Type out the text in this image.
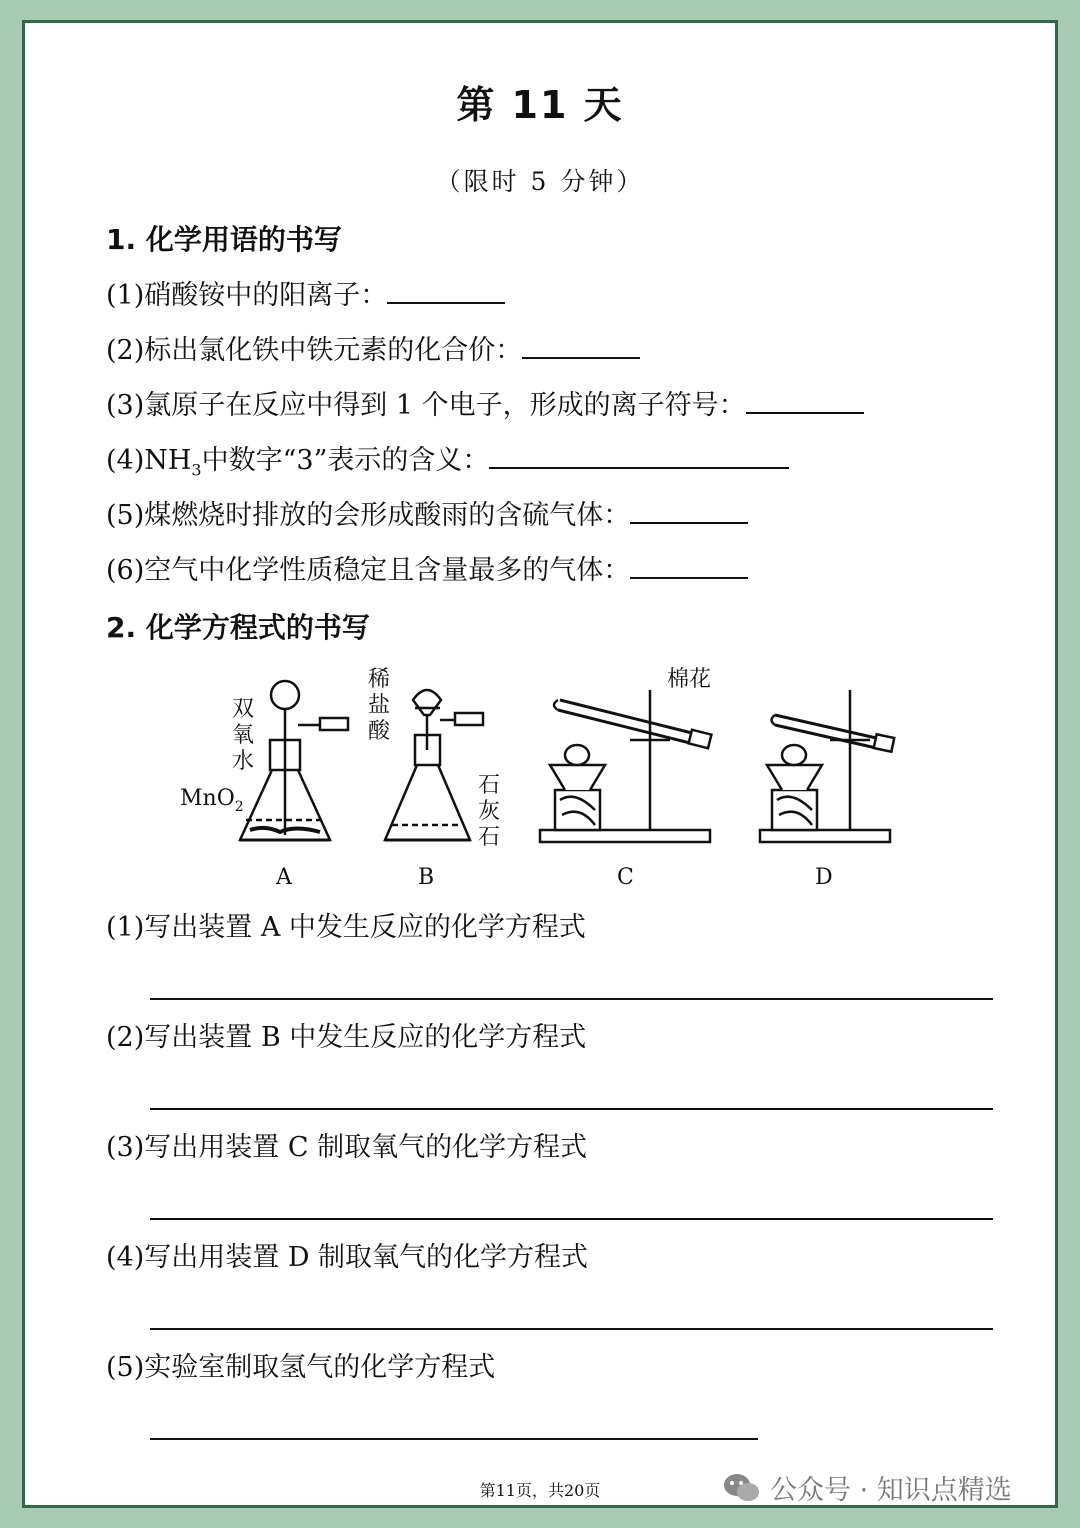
第 11 天
（限时 5 分钟）
1. 化学用语的书写
(1)硝酸铵中的阳离子：
(2)标出氯化铁中铁元素的化合价：
(3)氯原子在反应中得到 1 个电子，形成的离子符号：
$(4)NH_3$中数字“3”表示的含义：
(5)煤燃烧时排放的会形成酸雨的含硫气体：
(6)空气中化学性质稳定且含量最多的气体：
2. 化学方程式的书写
双
氧
水
MnO$_2$
稀
盐
酸
石
灰
石
棉花
A	B	C	D
(1)写出装置 A 中发生反应的化学方程式
(2)写出装置 B 中发生反应的化学方程式
(3)写出用装置 C 制取氧气的化学方程式
(4)写出用装置 D 制取氧气的化学方程式
(5)实验室制取氢气的化学方程式
第11页，共20页	公众号 · 知识点精选
